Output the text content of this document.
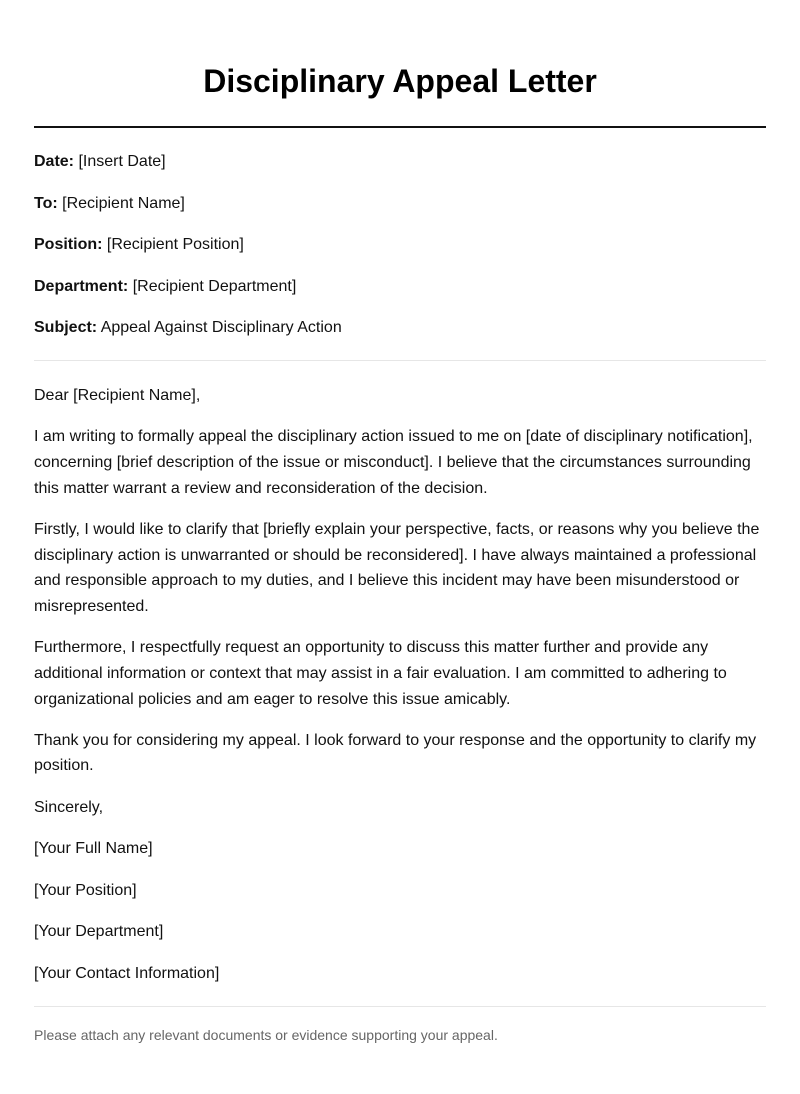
Disciplinary Appeal Letter
Date: [Insert Date]
To: [Recipient Name]
Position: [Recipient Position]
Department: [Recipient Department]
Subject: Appeal Against Disciplinary Action

Dear [Recipient Name],

I am writing to formally appeal the disciplinary action issued to me on [date of disciplinary notification], concerning [brief description of the issue or misconduct]. I believe that the circumstances surrounding this matter warrant a review and reconsideration of the decision.

Firstly, I would like to clarify that [briefly explain your perspective, facts, or reasons why you believe the disciplinary action is unwarranted or should be reconsidered]. I have always maintained a professional and responsible approach to my duties, and I believe this incident may have been misunderstood or misrepresented.

Furthermore, I respectfully request an opportunity to discuss this matter further and provide any additional information or context that may assist in a fair evaluation. I am committed to adhering to organizational policies and am eager to resolve this issue amicably.

Thank you for considering my appeal. I look forward to your response and the opportunity to clarify my position.

Sincerely,

[Your Full Name]

[Your Position]

[Your Department]

[Your Contact Information]

Please attach any relevant documents or evidence supporting your appeal.
